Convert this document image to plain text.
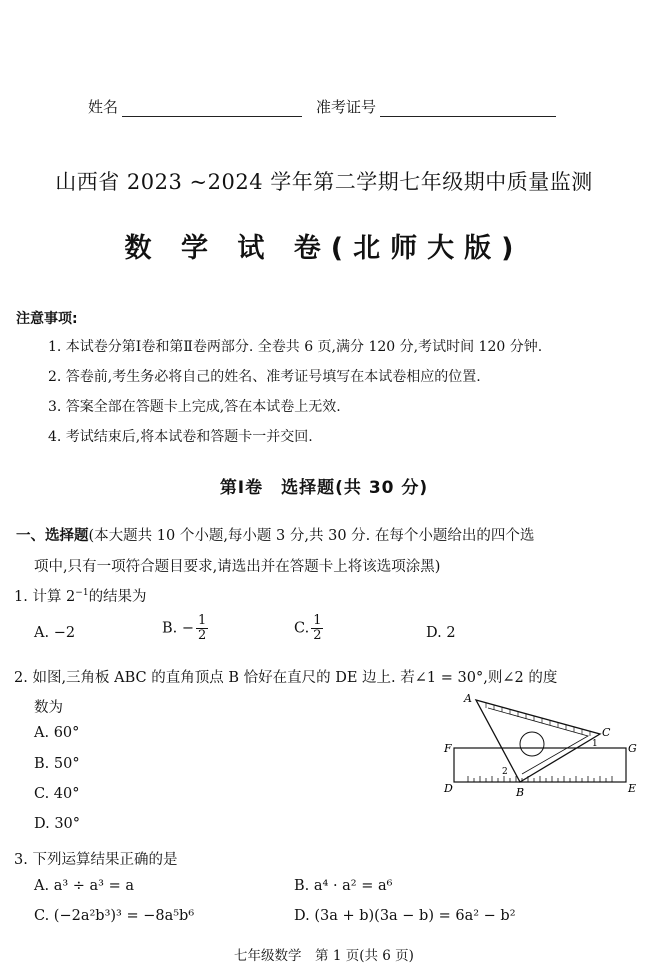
姓名	准考证号
山西省 2023 ~2024 学年第二学期七年级期中质量监测
数 学 试 卷(北师大版)
注意事项:
1. 本试卷分第Ⅰ卷和第Ⅱ卷两部分. 全卷共 6 页,满分 120 分,考试时间 120 分钟.
2. 答卷前,考生务必将自己的姓名、准考证号填写在本试卷相应的位置.
3. 答案全部在答题卡上完成,答在本试卷上无效.
4. 考试结束后,将本试卷和答题卡一并交回.
第Ⅰ卷　选择题(共 30 分)
一、选择题(本大题共 10 个小题,每小题 3 分,共 30 分. 在每个小题给出的四个选
项中,只有一项符合题目要求,请选出并在答题卡上将该选项涂黑)
1. 计算 $2^{-1}$的结果为
A. −2	B. − $\frac{1}{2}$	C. $\frac{1}{2}$	D. 2
2. 如图,三角板 ABC 的直角顶点 B 恰好在直尺的 DE 边上. 若∠1 = 30°,则∠2 的度
数为
A. 60°
B. 50°
C. 40°
D. 30°
A
C
F	G
D	E
B
1
2
3. 下列运算结果正确的是
A. a³ ÷ a³ = a	B. a⁴ · a² = a⁶
C. (−2a²b³)³ = −8a⁵b⁶	D. (3a + b)(3a − b) = 6a² − b²
七年级数学　第 1 页(共 6 页)
